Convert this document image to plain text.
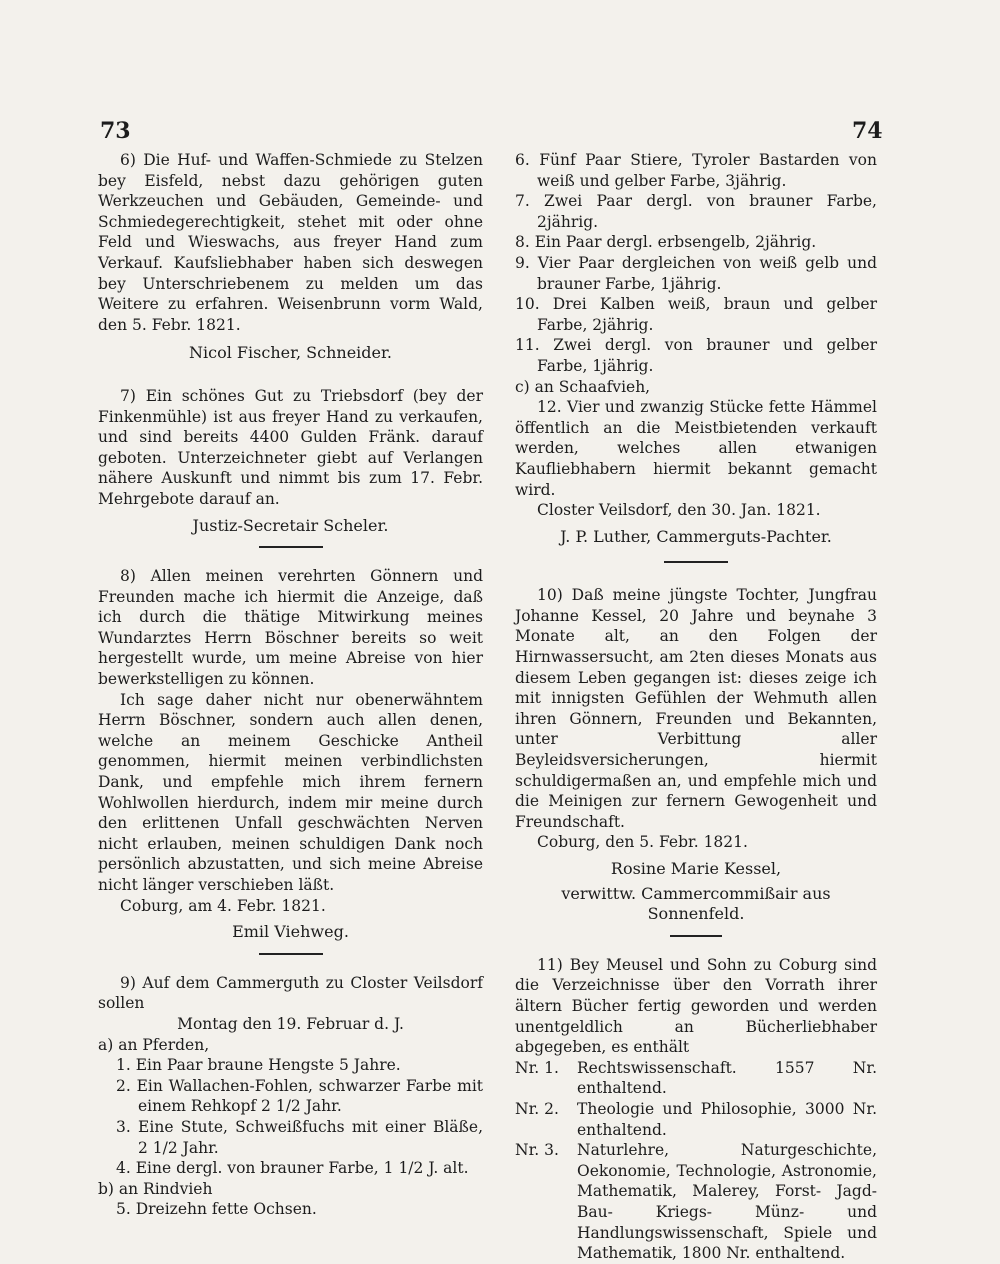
73	74

6) Die Huf- und Waffen-Schmiede zu Stelzen bey Eisfeld, nebst dazu gehörigen guten Werkzeuchen und Gebäuden, Gemeinde- und Schmiedegerechtigkeit, stehet mit oder ohne Feld und Wieswachs, aus freyer Hand zum Verkauf. Kaufsliebhaber haben sich deswegen bey Unterschriebenem zu melden um das Weitere zu erfahren. Weisenbrunn vorm Wald, den 5. Febr. 1821.

Nicol Fischer, Schneider.

7) Ein schönes Gut zu Triebsdorf (bey der Finkenmühle) ist aus freyer Hand zu verkaufen, und sind bereits 4400 Gulden Fränk. darauf geboten. Unterzeichneter giebt auf Verlangen nähere Auskunft und nimmt bis zum 17. Febr. Mehrgebote darauf an.

Justiz-Secretair Scheler.

8) Allen meinen verehrten Gönnern und Freunden mache ich hiermit die Anzeige, daß ich durch die thätige Mitwirkung meines Wundarztes Herrn Böschner bereits so weit hergestellt wurde, um meine Abreise von hier bewerkstelligen zu können.

Ich sage daher nicht nur obenerwähntem Herrn Böschner, sondern auch allen denen, welche an meinem Geschicke Antheil genommen, hiermit meinen verbindlichsten Dank, und empfehle mich ihrem fernern Wohlwollen hierdurch, indem mir meine durch den erlittenen Unfall geschwächten Nerven nicht erlauben, meinen schuldigen Dank noch persönlich abzustatten, und sich meine Abreise nicht länger verschieben läßt.

Coburg, am 4. Febr. 1821.

Emil Viehweg.

9) Auf dem Cammerguth zu Closter Veilsdorf sollen

Montag den 19. Februar d. J.

a) an Pferden,

1. Ein Paar braune Hengste 5 Jahre.

2. Ein Wallachen-Fohlen, schwarzer Farbe mit einem Rehkopf 2 1/2 Jahr.

3. Eine Stute, Schweißfuchs mit einer Bläße, 2 1/2 Jahr.

4. Eine dergl. von brauner Farbe, 1 1/2 J. alt.

b) an Rindvieh

5. Dreizehn fette Ochsen.

6. Fünf Paar Stiere, Tyroler Bastarden von weiß und gelber Farbe, 3jährig.

7. Zwei Paar dergl. von brauner Farbe, 2jährig.

8. Ein Paar dergl. erbsengelb, 2jährig.

9. Vier Paar dergleichen von weiß gelb und brauner Farbe, 1jährig.

10. Drei Kalben weiß, braun und gelber Farbe, 2jährig.

11. Zwei dergl. von brauner und gelber Farbe, 1jährig.

c) an Schaafvieh,

12. Vier und zwanzig Stücke fette Hämmel öffentlich an die Meistbietenden verkauft werden, welches allen etwanigen Kaufliebhabern hiermit bekannt gemacht wird.

Closter Veilsdorf, den 30. Jan. 1821.

J. P. Luther, Cammerguts-Pachter.

10) Daß meine jüngste Tochter, Jungfrau Johanne Kessel, 20 Jahre und beynahe 3 Monate alt, an den Folgen der Hirnwassersucht, am 2ten dieses Monats aus diesem Leben gegangen ist: dieses zeige ich mit innigsten Gefühlen der Wehmuth allen ihren Gönnern, Freunden und Bekannten, unter Verbittung aller Beyleidsversicherungen, hiermit schuldigermaßen an, und empfehle mich und die Meinigen zur fernern Gewogenheit und Freundschaft.

Coburg, den 5. Febr. 1821.

Rosine Marie Kessel,
verwittw. Cammercommißair aus
Sonnenfeld.

11) Bey Meusel und Sohn zu Coburg sind die Verzeichnisse über den Vorrath ihrer ältern Bücher fertig geworden und werden unentgeldlich an Bücherliebhaber abgegeben, es enthält

Nr. 1.	Rechtswissenschaft. 1557 Nr. enthaltend.
Nr. 2.	Theologie und Philosophie, 3000 Nr. enthaltend.
Nr. 3.	Naturlehre, Naturgeschichte, Oekonomie, Technologie, Astronomie, Mathematik, Malerey, Forst- Jagd- Bau- Kriegs- Münz- und Handlungswissenschaft, Spiele und Mathematik, 1800 Nr. enthaltend.
